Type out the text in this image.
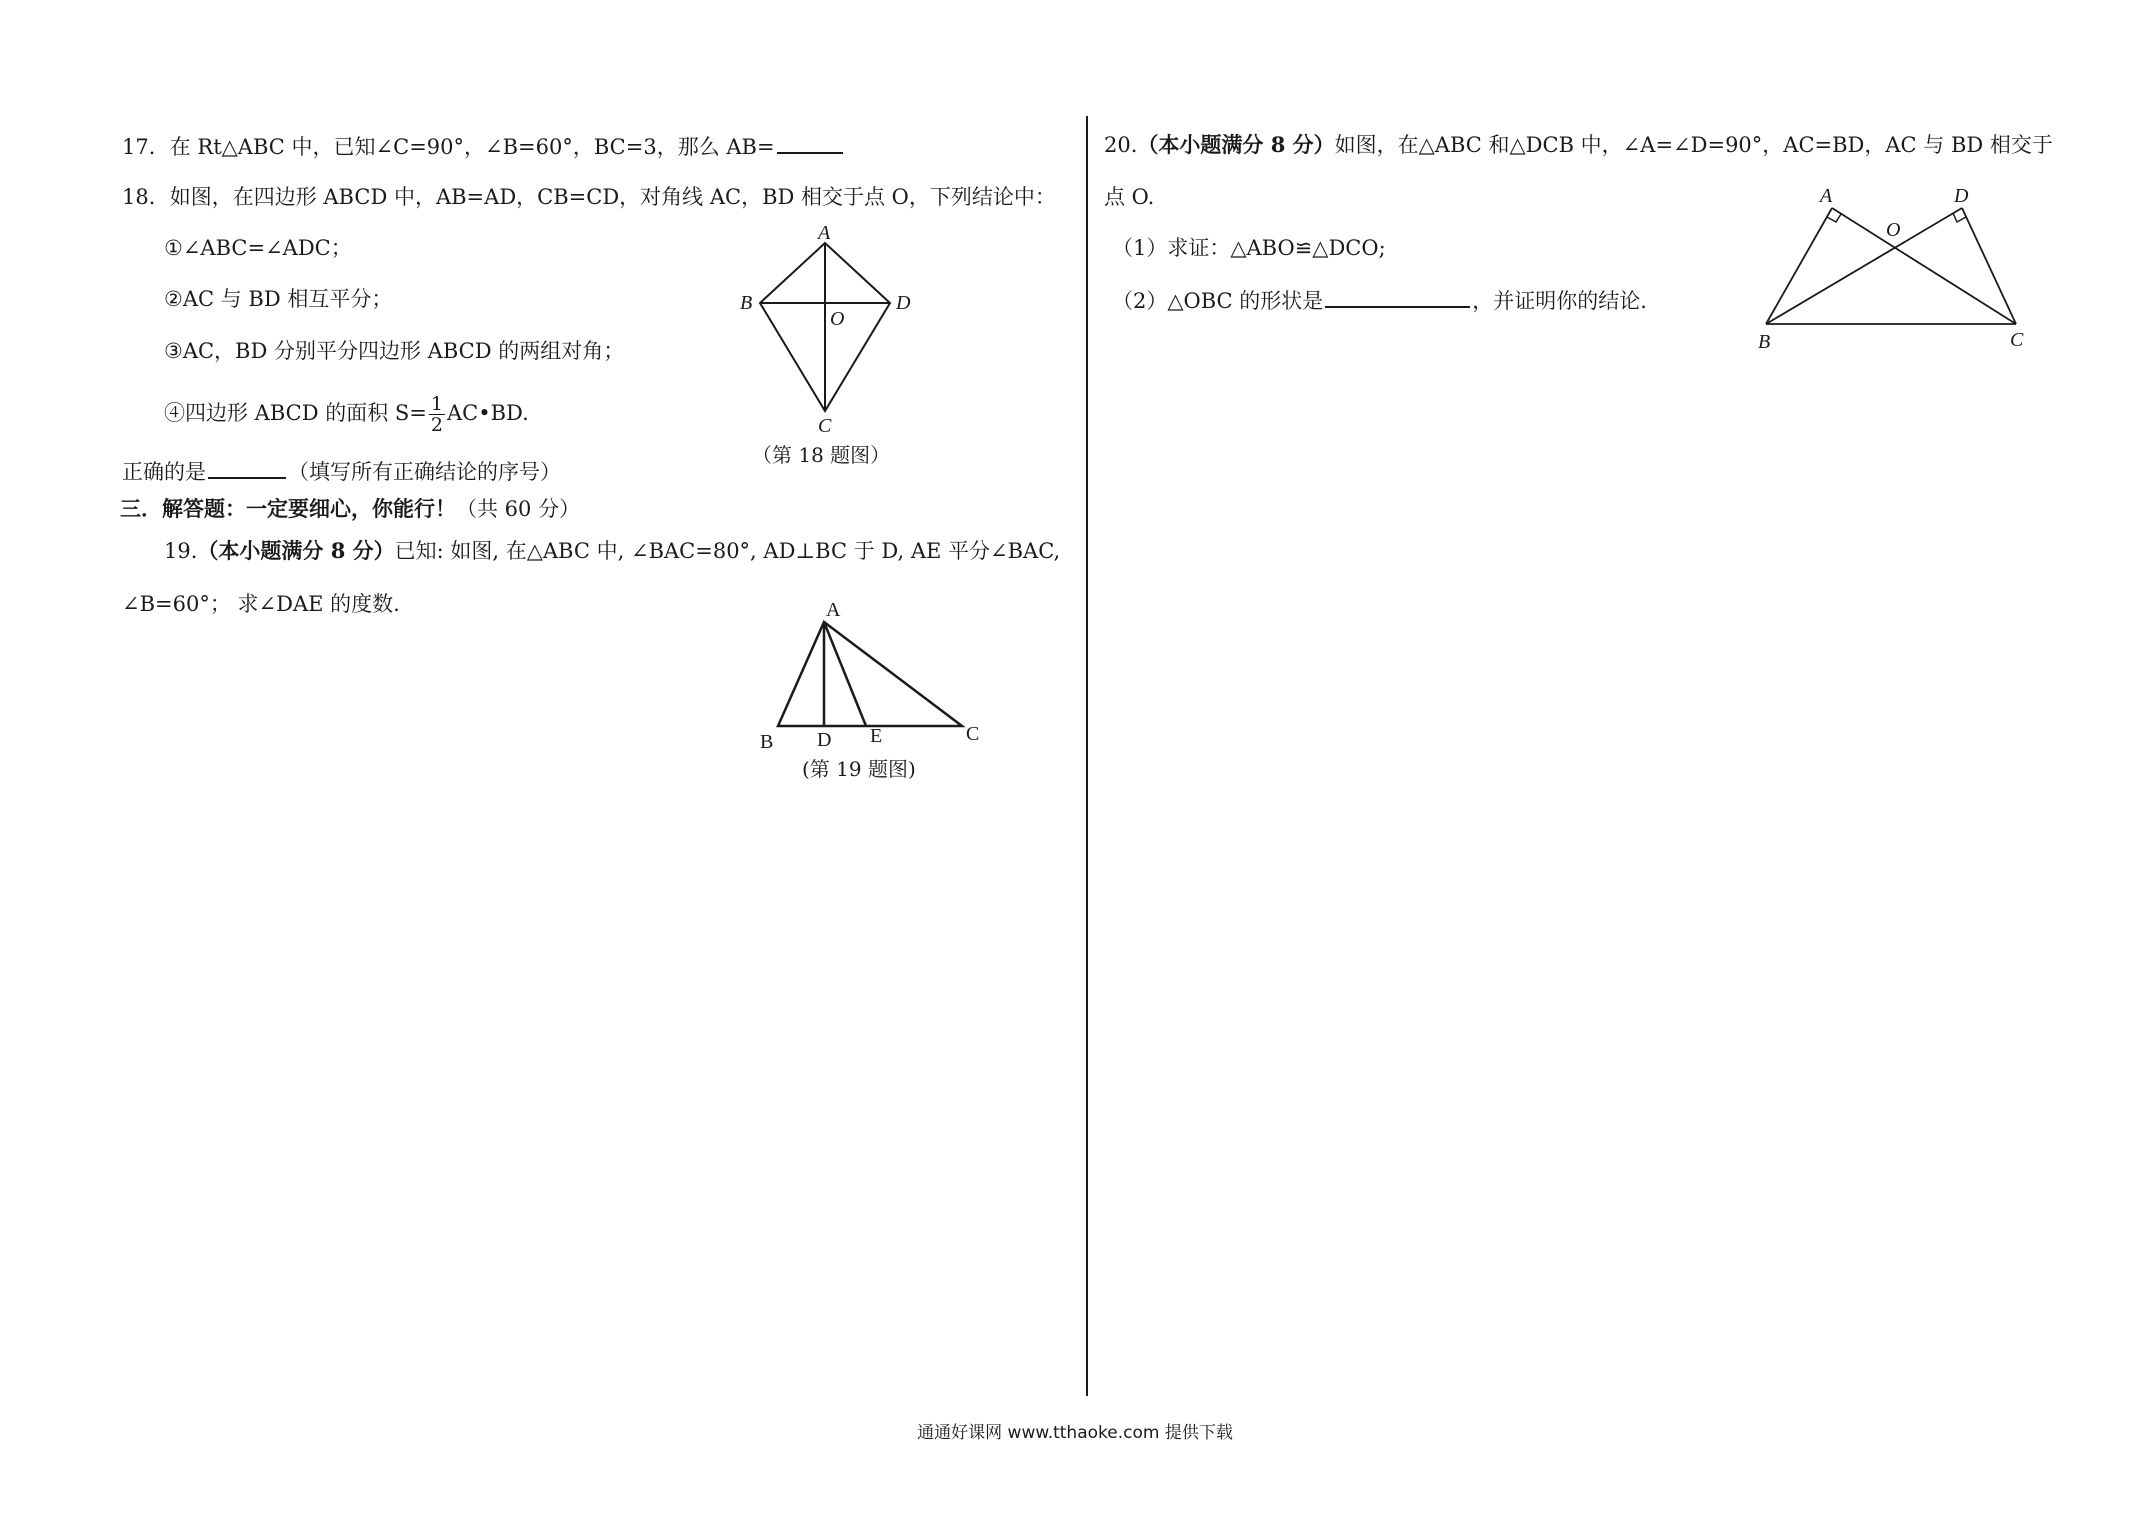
17．在 Rt△ABC 中，已知∠C=90°，∠B=60°，BC=3，那么 AB=
18．如图，在四边形 ABCD 中，AB=AD，CB=CD，对角线 AC，BD 相交于点 O，下列结论中：
①∠ABC=∠ADC；
②AC 与 BD 相互平分；
③AC，BD 分别平分四边形 ABCD 的两组对角；
④四边形 ABCD 的面积 $S= \frac{1}{2}$ AC•BD.
正确的是	（填写所有正确结论的序号）
A
B	D
O
C
（第 18 题图）
三．解答题：一定要细心，你能行！（共 60 分）
19.（本小题满分 8 分）已知: 如图, 在△ABC 中, ∠BAC=80°, AD⊥BC 于 D, AE 平分∠BAC,
∠B=60°； 求∠DAE 的度数.	A
B D E	C
(第 19 题图)
20.（本小题满分 8 分）如图，在△ABC 和△DCB 中，∠A=∠D=90°，AC=BD，AC 与 BD 相交于
点 O.
（1）求证：△ABO≌△DCO;
（2）△OBC 的形状是	，并证明你的结论.
A	D
O
B	C
通通好课网 www.tthaoke.com 提供下载
